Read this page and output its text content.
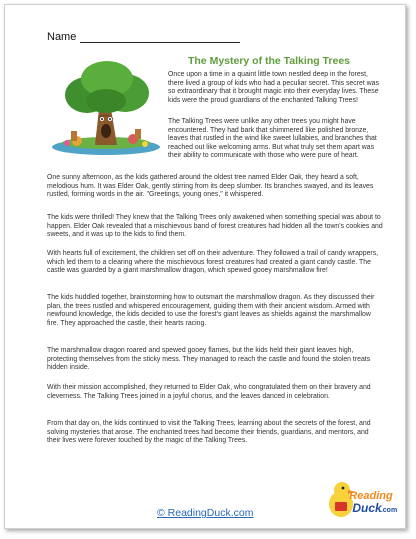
Name
The Mystery of the Talking Trees

Once upon a time in a quaint little town nestled deep in the forest, there lived a group of kids who had a peculiar secret. This secret was so extraordinary that it brought magic into their everyday lives. These kids were the proud guardians of the enchanted Talking Trees!

The Talking Trees were unlike any other trees you might have encountered. They had bark that shimmered like polished bronze, leaves that rustled in the wind like sweet lullabies, and branches that reached out like welcoming arms. But what truly set them apart was their ability to communicate with those who were pure of heart.

One sunny afternoon, as the kids gathered around the oldest tree named Elder Oak, they heard a soft, melodious hum. It was Elder Oak, gently stirring from its deep slumber. Its branches swayed, and its leaves rustled, forming words in the air. "Greetings, young ones," it whispered.

The kids were thrilled! They knew that the Talking Trees only awakened when something special was about to happen. Elder Oak revealed that a mischievous band of forest creatures had hidden all the town's cookies and sweets, and it was up to the kids to find them.

With hearts full of excitement, the children set off on their adventure. They followed a trail of candy wrappers, which led them to a clearing where the mischievous forest creatures had created a giant candy castle. The castle was guarded by a giant marshmallow dragon, which spewed gooey marshmallow fire!

The kids huddled together, brainstorming how to outsmart the marshmallow dragon. As they discussed their plan, the trees rustled and whispered encouragement, guiding them with their ancient wisdom. Armed with newfound knowledge, the kids decided to use the forest's giant leaves as shields against the marshmallow fire. They approached the castle, their hearts racing.

The marshmallow dragon roared and spewed gooey flames, but the kids held their giant leaves high, protecting themselves from the sticky mess. They managed to reach the castle and found the stolen treats hidden inside.

With their mission accomplished, they returned to Elder Oak, who congratulated them on their bravery and cleverness. The Talking Trees joined in a joyful chorus, and the leaves danced in celebration.

From that day on, the kids continued to visit the Talking Trees, learning about the secrets of the forest, and solving mysteries that arose. The enchanted trees had become their friends, guardians, and mentors, and their lives were forever touched by the magic of the Talking Trees.

Reading
Duck .com
© ReadingDuck.com
